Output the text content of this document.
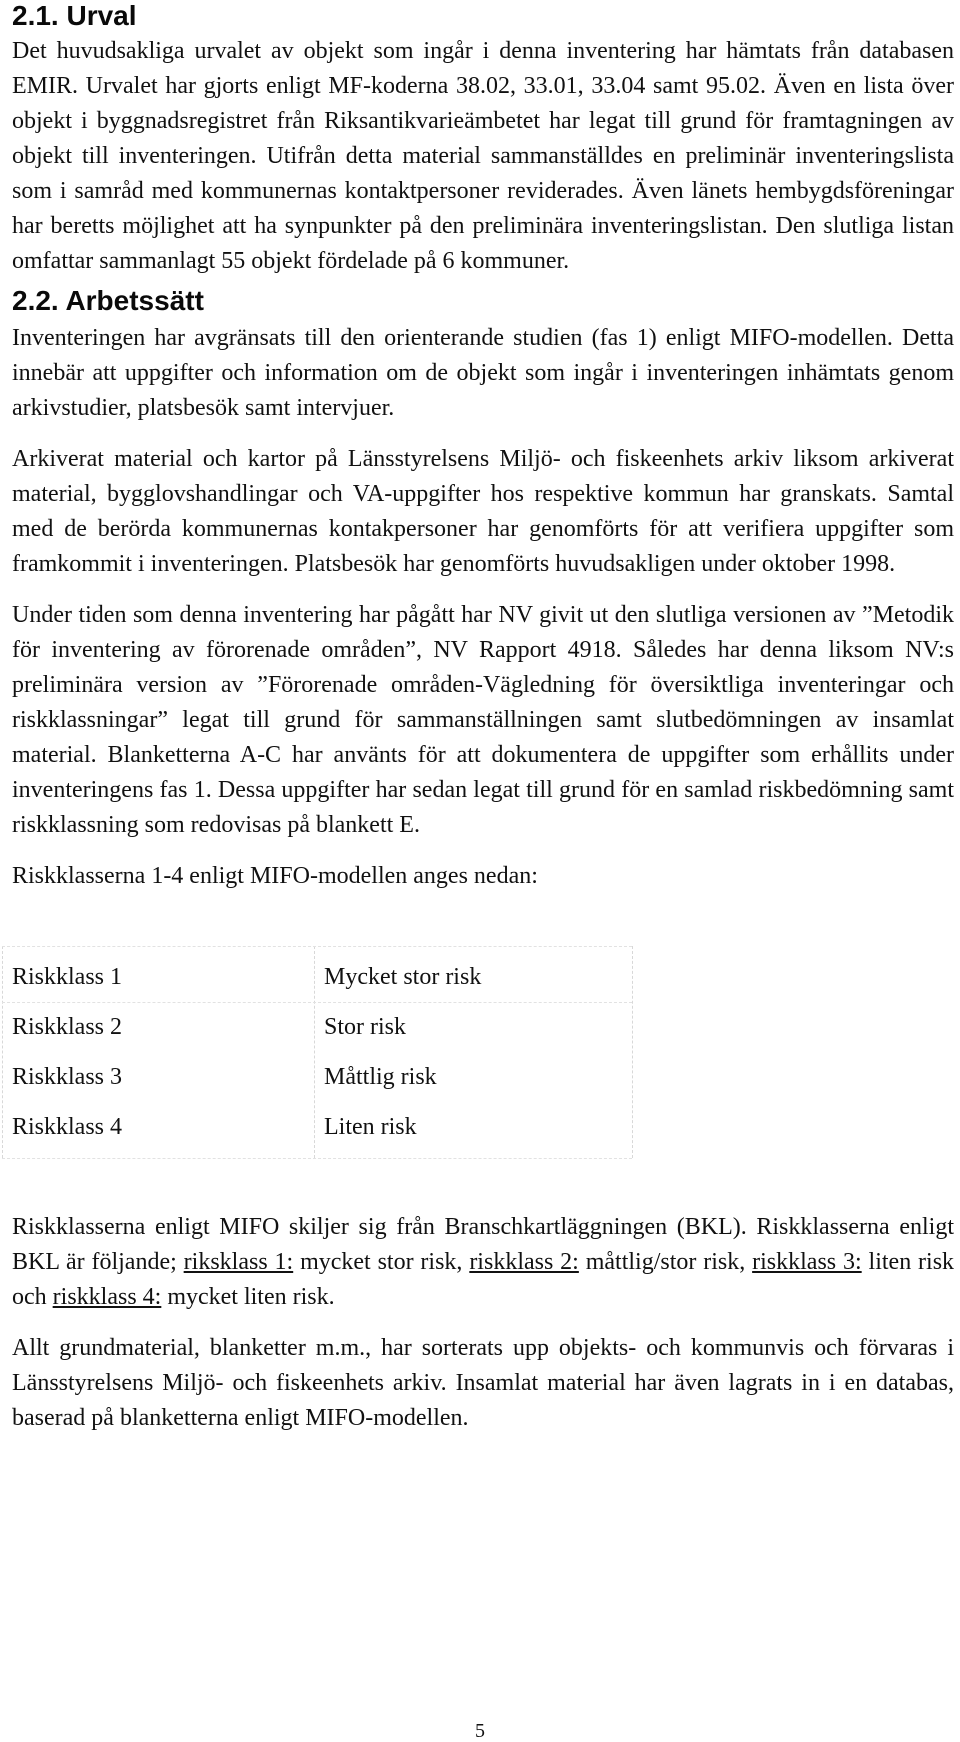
2.1. Urval

Det huvudsakliga urvalet av objekt som ingår i denna inventering har hämtats från databasen EMIR. Urvalet har gjorts enligt MF-koderna 38.02, 33.01, 33.04 samt 95.02. Även en lista över objekt i byggnadsregistret från Riksantikvarieämbetet har legat till grund för framtagningen av objekt till inventeringen. Utifrån detta material sammanställdes en preliminär inventeringslista som i samråd med kommunernas kontaktpersoner reviderades. Även länets hembygdsföreningar har beretts möjlighet att ha synpunkter på den preliminära inventeringslistan. Den slutliga listan omfattar sammanlagt 55 objekt fördelade på 6 kommuner.

2.2. Arbetssätt

Inventeringen har avgränsats till den orienterande studien (fas 1) enligt MIFO-modellen. Detta innebär att uppgifter och information om de objekt som ingår i inventeringen inhämtats genom arkivstudier, platsbesök samt intervjuer.

Arkiverat material och kartor på Länsstyrelsens Miljö- och fiskeenhets arkiv liksom arkiverat material, bygglovshandlingar och VA-uppgifter hos respektive kommun har granskats. Samtal med de berörda kommunernas kontakpersoner har genomförts för att verifiera uppgifter som framkommit i inventeringen. Platsbesök har genomförts huvudsakligen under oktober 1998.

Under tiden som denna inventering har pågått har NV givit ut den slutliga versionen av ”Metodik för inventering av förorenade områden”, NV Rapport 4918. Således har denna liksom NV:s preliminära version av ”Förorenade områden-Vägledning för översiktliga inventeringar och riskklassningar” legat till grund för sammanställningen samt slutbedömningen av insamlat material. Blanketterna A-C har använts för att dokumentera de uppgifter som erhållits under inventeringens fas 1. Dessa uppgifter har sedan legat till grund för en samlad riskbedömning samt riskklassning som redovisas på blankett E.

Riskklasserna 1-4 enligt MIFO-modellen anges nedan:

Riskklass 1	Mycket stor risk
Riskklass 2	Stor risk
Riskklass 3	Måttlig risk
Riskklass 4	Liten risk

Riskklasserna enligt MIFO skiljer sig från Branschkartläggningen (BKL). Riskklasserna enligt BKL är följande; riksklass 1: mycket stor risk, riskklass 2: måttlig/stor risk, riskklass 3: liten risk och riskklass 4: mycket liten risk.

Allt grundmaterial, blanketter m.m., har sorterats upp objekts- och kommunvis och förvaras i Länsstyrelsens Miljö- och fiskeenhets arkiv. Insamlat material har även lagrats in i en databas, baserad på blanketterna enligt MIFO-modellen.

5
